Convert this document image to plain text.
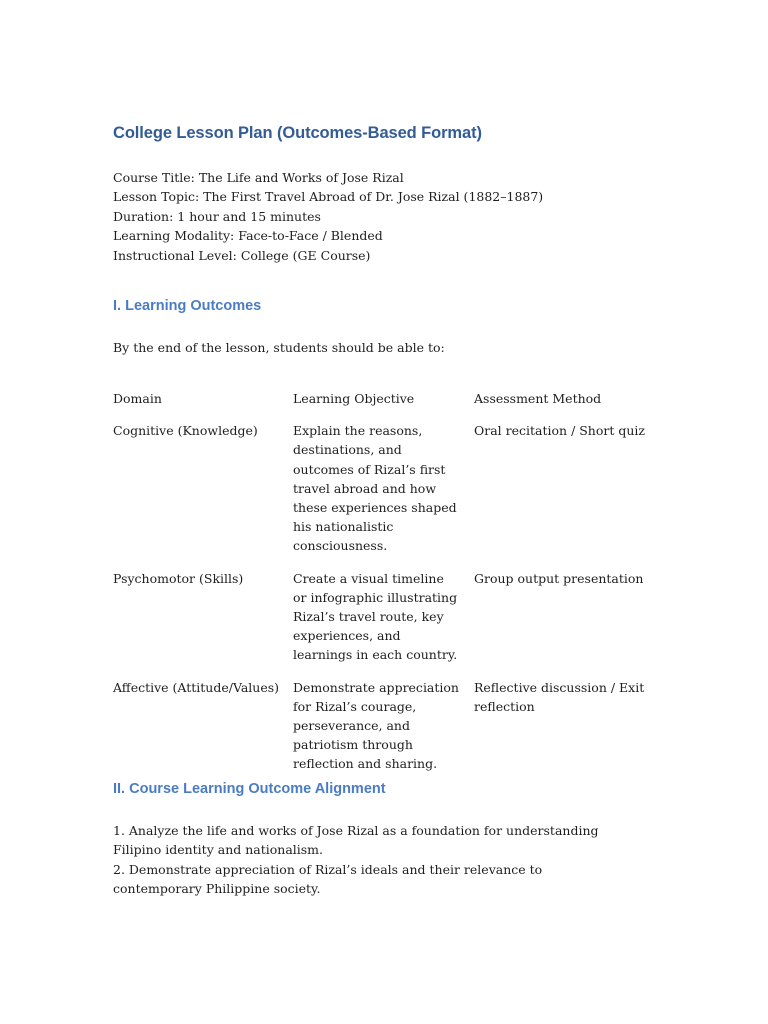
College Lesson Plan (Outcomes-Based Format)
Course Title: The Life and Works of Jose Rizal
Lesson Topic: The First Travel Abroad of Dr. Jose Rizal (1882–1887)
Duration: 1 hour and 15 minutes
Learning Modality: Face-to-Face / Blended
Instructional Level: College (GE Course)
I. Learning Outcomes

By the end of the lesson, students should be able to:

Domain	Learning Objective	Assessment Method
Cognitive (Knowledge)	Explain the reasons, destinations, and outcomes of Rizal’s first travel abroad and how these experiences shaped his nationalistic consciousness.	Oral recitation / Short quiz
Psychomotor (Skills)	Create a visual timeline or infographic illustrating Rizal’s travel route, key experiences, and learnings in each country.	Group output presentation
Affective (Attitude/Values)	Demonstrate appreciation for Rizal’s courage, perseverance, and patriotism through reflection and sharing.	Reflective discussion / Exit reflection
II. Course Learning Outcome Alignment
1. Analyze the life and works of Jose Rizal as a foundation for understanding Filipino identity and nationalism.
2. Demonstrate appreciation of Rizal’s ideals and their relevance to contemporary Philippine society.
